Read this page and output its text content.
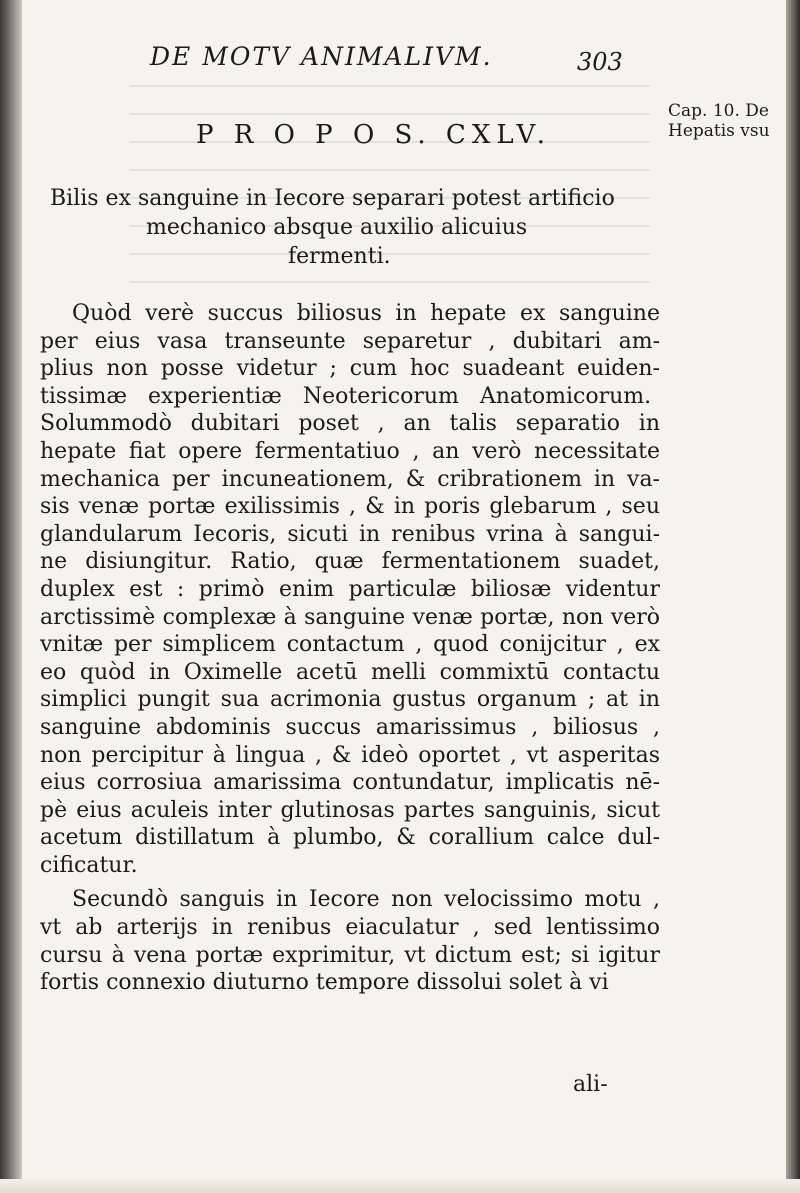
DE MOTV ANIMALIVM.	303
Cap. 10. De
Hepatis vsu
P R O P O S. CXLV.
Bilis ex sanguine in Iecore separari potest artificio
mechanico absque auxilio alicuius
fermenti.
Quòd verè succus biliosus in hepate ex sanguine
per eius vasa transeunte separetur , dubitari am-
plius non posse videtur ; cum hoc suadeant euiden-
tissimæ experientiæ Neotericorum Anatomicorum.
Solummodò dubitari poset , an talis separatio in
hepate fiat opere fermentatiuo , an verò necessitate
mechanica per incuneationem, & cribrationem in va-
sis venæ portæ exilissimis , & in poris glebarum , seu
glandularum Iecoris, sicuti in renibus vrina à sangui-
ne disiungitur. Ratio, quæ fermentationem suadet,
duplex est : primò enim particulæ biliosæ videntur
arctissimè complexæ à sanguine venæ portæ, non verò
vnitæ per simplicem contactum , quod conijcitur , ex
eo quòd in Oximelle acetū melli commixtū contactu
simplici pungit sua acrimonia gustus organum ; at in
sanguine abdominis succus amarissimus , biliosus ,
non percipitur à lingua , & ideò oportet , vt asperitas
eius corrosiua amarissima contundatur, implicatis nē-
pè eius aculeis inter glutinosas partes sanguinis, sicut
acetum distillatum à plumbo, & corallium calce dul-
cificatur.
Secundò sanguis in Iecore non velocissimo motu ,
vt ab arterijs in renibus eiaculatur , sed lentissimo
cursu à vena portæ exprimitur, vt dictum est; si igitur
fortis connexio diuturno tempore dissolui solet à vi
ali-
